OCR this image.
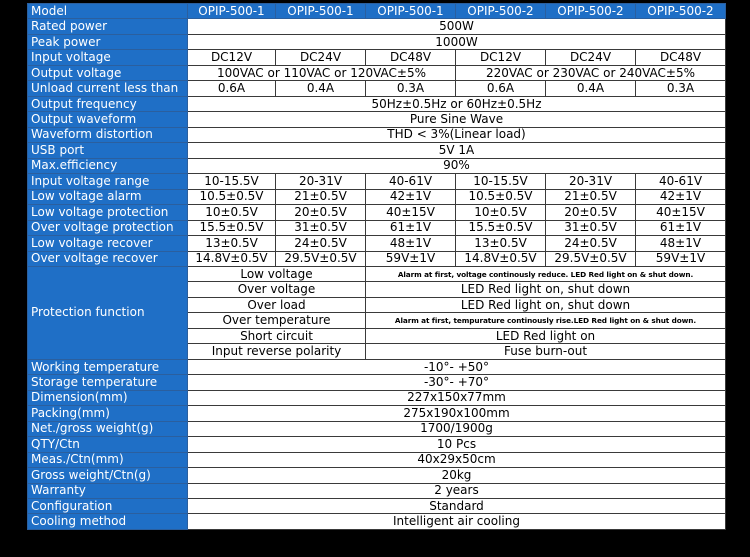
Model	OPIP-500-1	OPIP-500-1	OPIP-500-1	OPIP-500-2	OPIP-500-2	OPIP-500-2
Rated power	500W					
Peak power	1000W					
Input voltage	DC12V	DC24V	DC48V	DC12V	DC24V	DC48V
Output voltage	100VAC or 110VAC or 120VAC±5%			220VAC or 230VAC or 240VAC±5%		
Unload current less than	0.6A	0.4A	0.3A	0.6A	0.4A	0.3A
Output frequency	50Hz±0.5Hz or 60Hz±0.5Hz					
Output waveform	Pure Sine Wave					
Waveform distortion	THD < 3%(Linear load)					
USB port	5V 1A					
Max.efficiency	90%					
Input voltage range	10-15.5V	20-31V	40-61V	10-15.5V	20-31V	40-61V
Low voltage alarm	10.5±0.5V	21±0.5V	42±1V	10.5±0.5V	21±0.5V	42±1V
Low voltage protection	10±0.5V	20±0.5V	40±15V	10±0.5V	20±0.5V	40±15V
Over voltage protection	15.5±0.5V	31±0.5V	61±1V	15.5±0.5V	31±0.5V	61±1V
Low voltage recover	13±0.5V	24±0.5V	48±1V	13±0.5V	24±0.5V	48±1V
Over voltage recover	14.8V±0.5V	29.5V±0.5V	59V±1V	14.8V±0.5V	29.5V±0.5V	59V±1V
Protection function	Low voltage		Alarm at first, voltage continously reduce. LED Red light on & shut down.			
	Over voltage		LED Red light on, shut down			
	Over load		LED Red light on, shut down			
	Over temperature		Alarm at first, tempurature continously rise.LED Red light on & shut down.			
	Short circuit		LED Red light on			
	Input reverse polarity		Fuse burn-out			
Working temperature	-10°- +50°					
Storage temperature	-30°- +70°					
Dimension(mm)	227x150x77mm					
Packing(mm)	275x190x100mm					
Net./gross weight(g)	1700/1900g					
QTY/Ctn	10 Pcs					
Meas./Ctn(mm)	40x29x50cm					
Gross weight/Ctn(g)	20kg					
Warranty	2 years					
Configuration	Standard					
Cooling method	Intelligent air cooling					
